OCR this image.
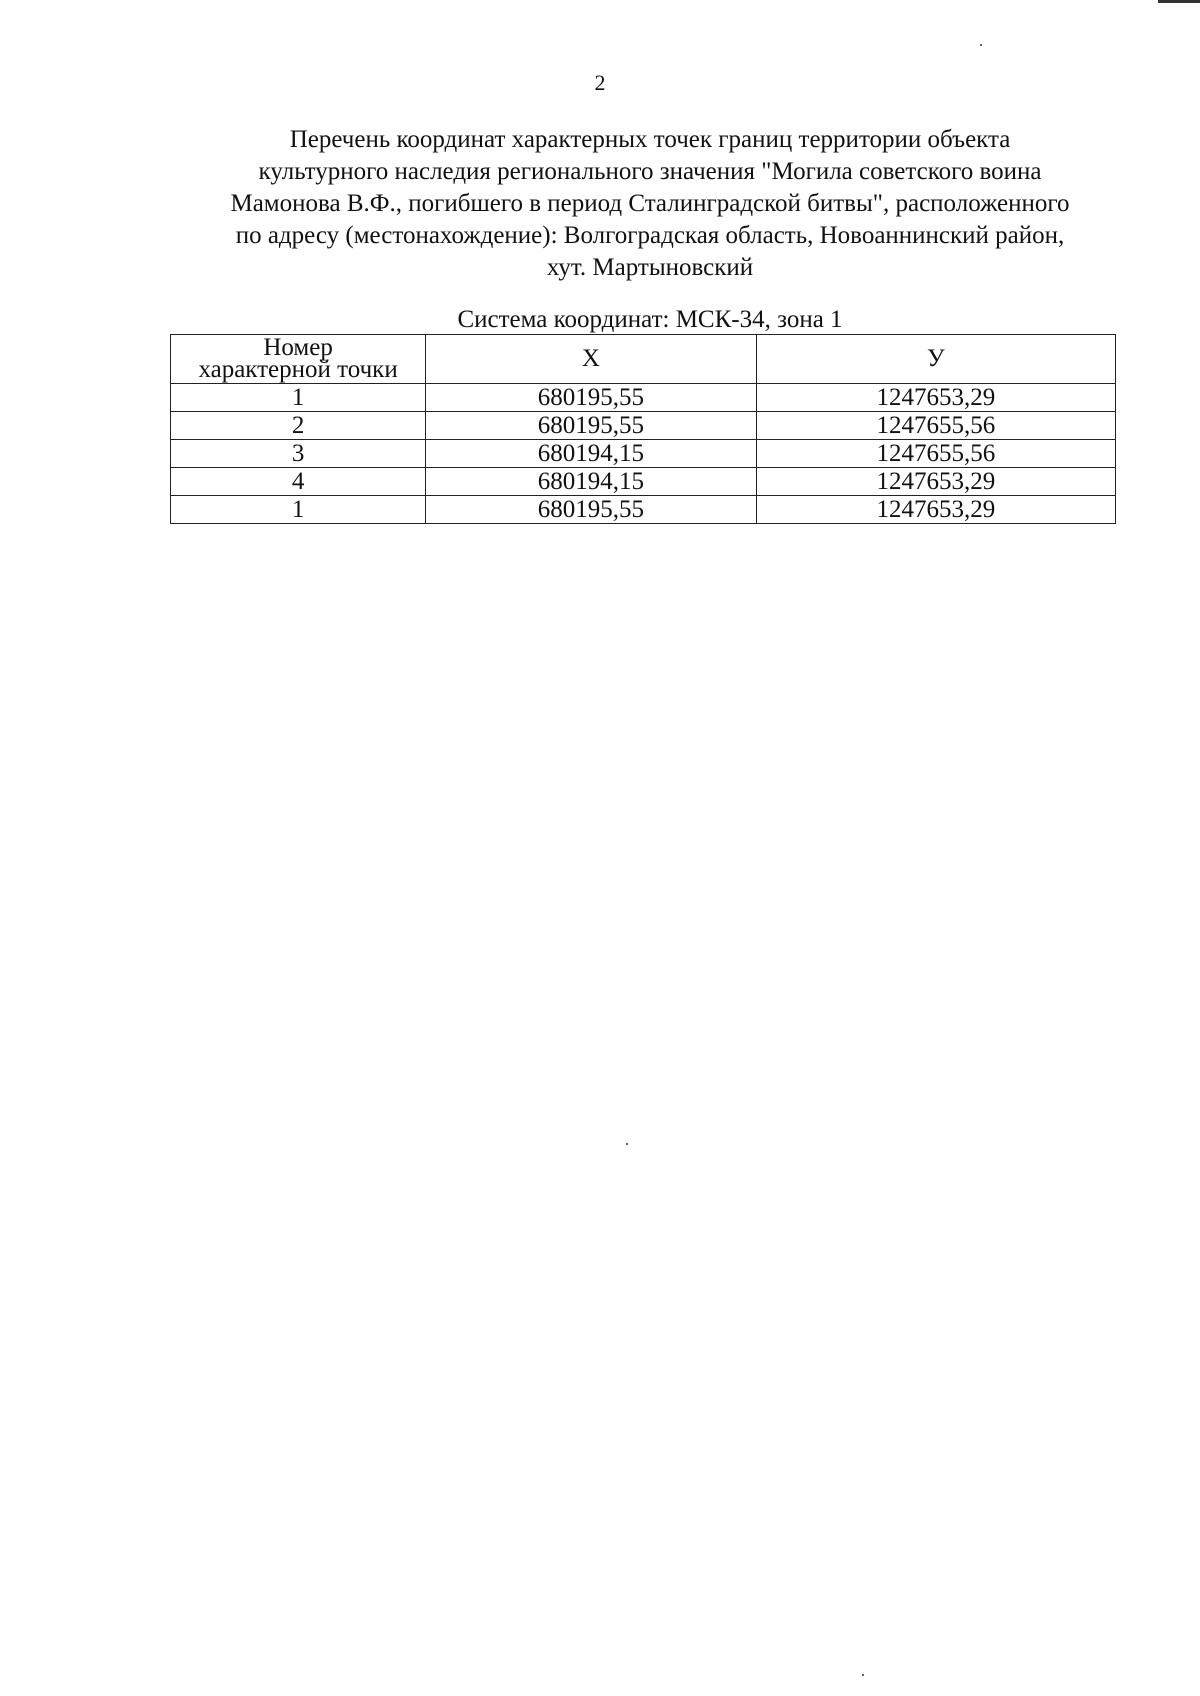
2
Перечень координат характерных точек границ территории объекта
культурного наследия регионального значения "Могила советского воина
Мамонова В.Ф., погибшего в период Сталинградской битвы", расположенного
по адресу (местонахождение): Волгоградская область, Новоаннинский район,
хут. Мартыновский
Система координат: МСК-34, зона 1
Номер
характерной точки	Х	У
1	680195,55	1247653,29
2	680195,55	1247655,56
3	680194,15	1247655,56
4	680194,15	1247653,29
1	680195,55	1247653,29
